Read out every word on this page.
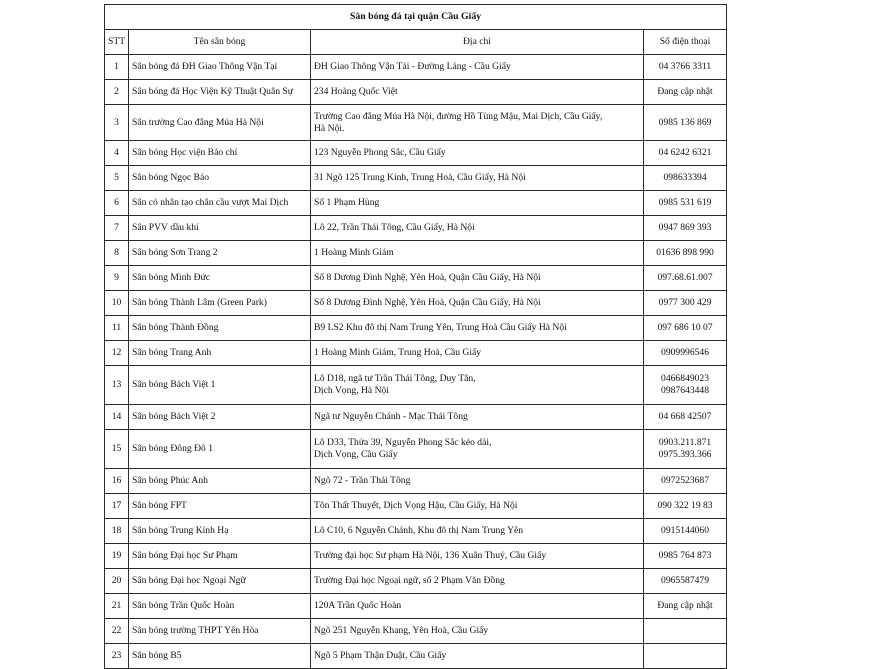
Sân bóng đá tại quận Cầu Giấy			
STT	Tên sân bóng	Địa chỉ	Số điện thoại
1	Sân bóng đá ĐH Giao Thông Vận Tại	ĐH Giao Thông Vận Tải - Đường Láng - Cầu Giấy	04 3766 3311

2	Sân bóng đá Học Viện Kỹ Thuật Quân Sự	234 Hoàng Quốc Việt	Đang cập nhật

3	Sân trường Cao đẳng Múa Hà Nội	Trường Cao đẳng Múa Hà Nội, đường Hồ Tùng Mậu, Mai Dịch, Cầu Giấy,
Hà Nội.	0985 136 869

4	Sân bóng Học viện Báo chí	123 Nguyễn Phong Sắc, Cầu Giấy	04 6242 6321

5	Sân bóng Ngọc Bảo	31 Ngõ 125 Trung Kính, Trung Hoà, Cầu Giấy, Hà Nội	098633394

6	Sân cỏ nhân tạo chân cầu vượt Mai Dịch	Số 1 Phạm Hùng	0985 531 619

7	Sân PVV dầu khí	Lô 22, Trần Thái Tông, Cầu Giấy, Hà Nội	0947 869 393

8	Sân bóng Sơn Trang 2	1 Hoàng Minh Giám	01636 898 990

9	Sân bóng Minh Đức	Số 8 Dương Đình Nghệ, Yên Hoà, Quận Cầu Giấy, Hà Nội	097.68.61.007

10	Sân bóng Thành Lâm (Green Park)	Số 8 Dương Đình Nghệ, Yên Hoà, Quận Cầu Giấy, Hà Nội	0977 300 429

11	Sân bóng Thành Đồng	B9 LS2 Khu đô thị Nam Trung Yên, Trung Hoà Cầu Giấy Hà Nội	097 686 10 07

12	Sân bóng Trang Anh	1 Hoàng Minh Giám, Trung Hoà, Cầu Giấy	0909996546

13	Sân bóng Bách Việt 1	Lô D18, ngã tư Trần Thái Tông, Duy Tân,
Dịch Vọng, Hà Nội	0466849023
0987643448

14	Sân bóng Bách Việt 2	Ngã tư Nguyễn Chánh - Mạc Thái Tông	04 668 42507

15	Sân bóng Đông Đô 1	Lô D33, Thửa 39, Nguyễn Phong Sắc kéo dài,
Dịch Vọng, Cầu Giấy	0903.211.871
0975.393.366

16	Sân bóng Phúc Anh	Ngõ 72 - Trần Thái Tông	0972523687

17	Sân bóng FPT	Tôn Thất Thuyết, Dịch Vọng Hậu, Cầu Giấy, Hà Nội	090 322 19 83

18	Sân bóng Trung Kính Hạ	Lô C10, 6 Nguyễn Chánh, Khu đô thị Nam Trung Yên	0915144060

19	Sân bóng Đại học Sư Phạm	Trường đại học Sư phạm Hà Nội, 136 Xuân Thuỷ, Cầu Giấy	0985 764 873

20	Sân bóng Đại học Ngoại Ngữ	Trường Đại học Ngoại ngữ, số 2 Phạm Văn Đồng	0965587479

21	Sân bóng Trần Quốc Hoàn	120A Trần Quốc Hoàn	Đang cập nhật

22	Sân bóng trường THPT Yên Hòa	Ngõ 251 Nguyễn Khang, Yên Hoà, Cầu Giấy	

23	Sân bóng B5	Ngõ 5 Phạm Thận Duật, Cầu Giấy	
